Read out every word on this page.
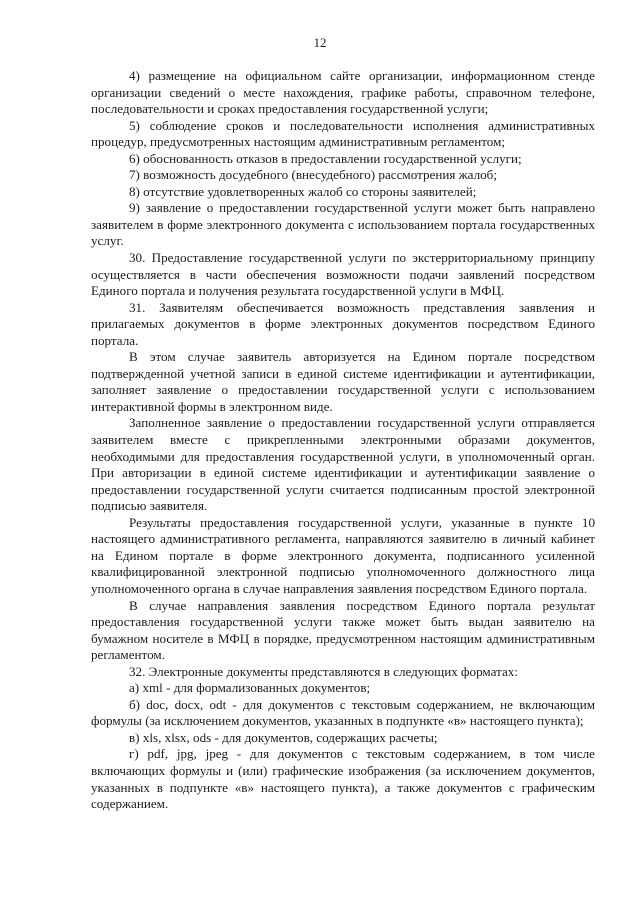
12

4) размещение на официальном сайте организации, информационном стенде организации сведений о месте нахождения, графике работы, справочном телефоне, последовательности и сроках предоставления государственной услуги;

5) соблюдение сроков и последовательности исполнения административных процедур, предусмотренных настоящим административным регламентом;

6) обоснованность отказов в предоставлении государственной услуги;

7) возможность досудебного (внесудебного) рассмотрения жалоб;

8) отсутствие удовлетворенных жалоб со стороны заявителей;

9) заявление о предоставлении государственной услуги может быть направлено заявителем в форме электронного документа с использованием портала государственных услуг.

30. Предоставление государственной услуги по экстерриториальному принципу осуществляется в части обеспечения возможности подачи заявлений посредством Единого портала и получения результата государственной услуги в МФЦ.

31. Заявителям обеспечивается возможность представления заявления и прилагаемых документов в форме электронных документов посредством Единого портала.

В этом случае заявитель авторизуется на Едином портале посредством подтвержденной учетной записи в единой системе идентификации и аутентификации, заполняет заявление о предоставлении государственной услуги с использованием интерактивной формы в электронном виде.

Заполненное заявление о предоставлении государственной услуги отправляется заявителем вместе с прикрепленными электронными образами документов, необходимыми для предоставления государственной услуги, в уполномоченный орган. При авторизации в единой системе идентификации и аутентификации заявление о предоставлении государственной услуги считается подписанным простой электронной подписью заявителя.

Результаты предоставления государственной услуги, указанные в пункте 10 настоящего административного регламента, направляются заявителю в личный кабинет на Едином портале в форме электронного документа, подписанного усиленной квалифицированной электронной подписью уполномоченного должностного лица уполномоченного органа в случае направления заявления посредством Единого портала.

В случае направления заявления посредством Единого портала результат предоставления государственной услуги также может быть выдан заявителю на бумажном носителе в МФЦ в порядке, предусмотренном настоящим административным регламентом.

32. Электронные документы представляются в следующих форматах:

а) xml - для формализованных документов;

б) doc, docx, odt - для документов с текстовым содержанием, не включающим формулы (за исключением документов, указанных в подпункте «в» настоящего пункта);

в) xls, xlsx, ods - для документов, содержащих расчеты;

г) pdf, jpg, jpeg - для документов с текстовым содержанием, в том числе включающих формулы и (или) графические изображения (за исключением документов, указанных в подпункте «в» настоящего пункта), а также документов с графическим содержанием.
